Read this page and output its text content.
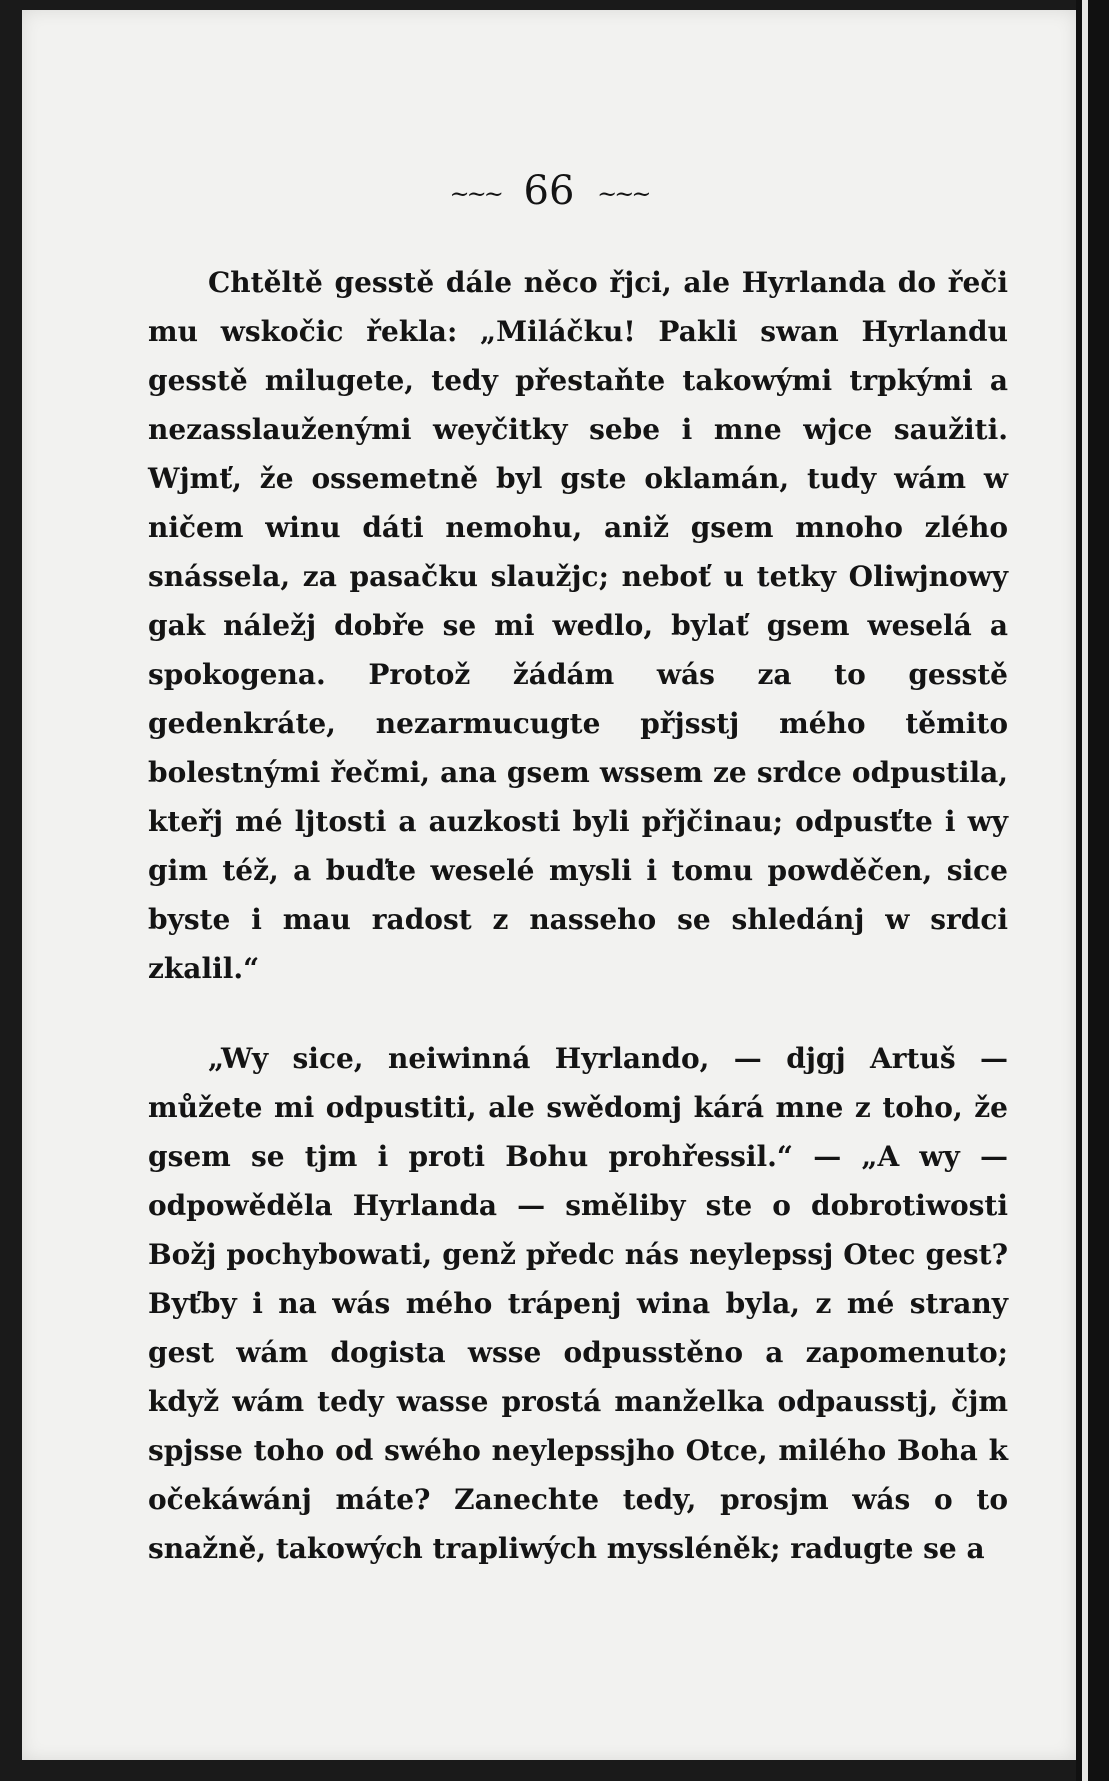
~~~ 66 ~~~

Chtěltě gesstě dále něco řjci, ale Hyrlanda do řeči mu wskočic řekla: „Miláčku! Pakli swan Hyrlandu gesstě milugete, tedy přestaňte takowými trpkými a nezasslauženými weyčitky sebe i mne wjce saužiti. Wjmť, že ossemetně byl gste oklamán, tudy wám w ničem winu dáti nemohu, aniž gsem mnoho zlého snássela, za pasačku slaužjc; neboť u tetky Oliwjnowy gak náležj dobře se mi wedlo, bylať gsem weselá a spokogena. Protož žádám wás za to gesstě gedenkráte, nezarmucugte přjsstj mého těmito bolestnými řečmi, ana gsem wssem ze srdce odpustila, kteřj mé ljtosti a auzkosti byli přjčinau; odpusťte i wy gim též, a buďte weselé mysli i tomu powděčen, sice byste i mau radost z nasseho se shledánj w srdci zkalil.“

„Wy sice, neiwinná Hyrlando, — djgj Artuš — můžete mi odpustiti, ale swědomj kárá mne z toho, že gsem se tjm i proti Bohu prohřessil.“ — „A wy — odpowěděla Hyrlanda — směliby ste o dobrotiwosti Božj pochybowati, genž předc nás neylepssj Otec gest? Byťby i na wás mého trápenj wina byla, z mé strany gest wám dogista wsse odpusstěno a zapomenuto; když wám tedy wasse prostá manželka odpausstj, čjm spjsse toho od swého neylepssjho Otce, milého Boha k očekáwánj máte? Zanechte tedy, prosjm wás o to snažně, takowých trapliwých myssléněk; radugte se a
